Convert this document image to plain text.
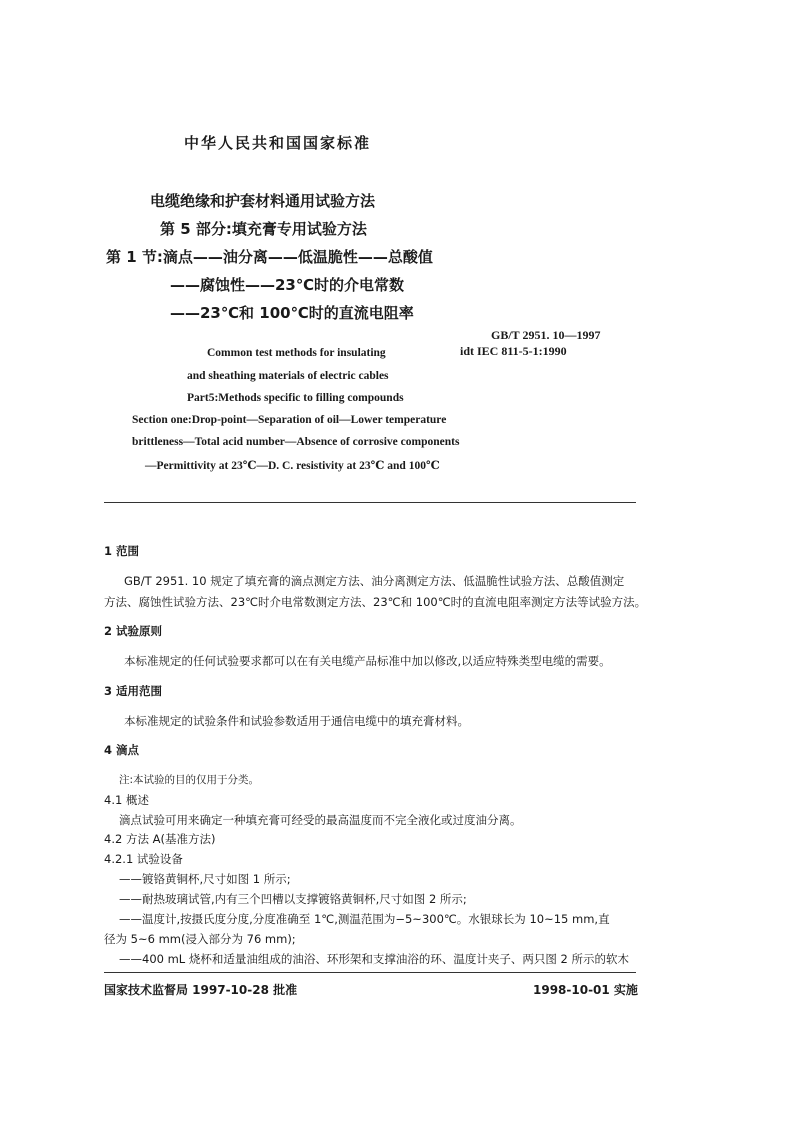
中华人民共和国国家标准
电缆绝缘和护套材料通用试验方法
第 5 部分:填充膏专用试验方法
第 1 节:滴点——油分离——低温脆性——总酸值
——腐蚀性——23℃时的介电常数
——23℃和 100℃时的直流电阻率
GB/T 2951. 10—1997
idt IEC 811-5-1:1990
Common test methods for insulating
and sheathing materials of electric cables
Part5:Methods specific to filling compounds
Section one:Drop-point—Separation of oil—Lower temperature
brittleness—Total acid number—Absence of corrosive components
—Permittivity at 23℃—D. C. resistivity at 23℃ and 100℃
1 范围
GB/T 2951. 10 规定了填充膏的滴点测定方法、油分离测定方法、低温脆性试验方法、总酸值测定
方法、腐蚀性试验方法、23℃时介电常数测定方法、23℃和 100℃时的直流电阻率测定方法等试验方法。
2 试验原则
本标准规定的任何试验要求都可以在有关电缆产品标准中加以修改,以适应特殊类型电缆的需要。
3 适用范围
本标准规定的试验条件和试验参数适用于通信电缆中的填充膏材料。
4 滴点
注:本试验的目的仅用于分类。
4.1 概述
滴点试验可用来确定一种填充膏可经受的最高温度而不完全液化或过度油分离。
4.2 方法 A(基准方法)
4.2.1 试验设备
——镀铬黄铜杯,尺寸如图 1 所示;
——耐热玻璃试管,内有三个凹槽以支撑镀铬黄铜杯,尺寸如图 2 所示;
——温度计,按摄氏度分度,分度准确至 1℃,测温范围为−5~300℃。水银球长为 10~15 mm,直
径为 5~6 mm(浸入部分为 76 mm);
——400 mL 烧杯和适量油组成的油浴、环形架和支撑油浴的环、温度计夹子、两只图 2 所示的软木
国家技术监督局 1997-10-28 批准	1998-10-01 实施
